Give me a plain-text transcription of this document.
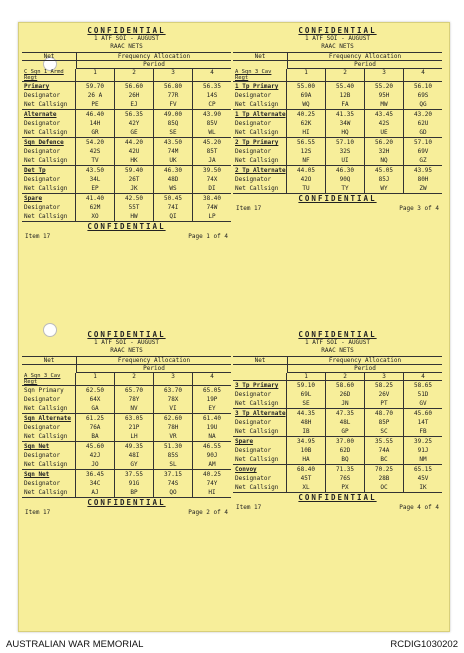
CONFIDENTIAL
1 ATF SOI - AUGUST
RAAC NETS
Net	Frequency Allocation
Period
C Sqn 1 Armd Regt
1	2	3	4
Primary	59.70	56.60	56.80	56.35
Designator	26 A	26H	77R	14S
Net Callsign	PE	EJ	FV	CP
Alternate	46.40	56.35	49.00	43.90
Designator	14H	42Y	85Q	85V
Net Callsign	GR	GE	SE	WL
Sqn Defence	54.20	44.20	43.50	45.20
Designator	42S	42U	74M	85T
Net Callsign	TV	HK	UK	JA
Det Tp	43.50	59.40	46.30	39.50
Designator	34L	26T	48D	74X
Net Callsign	EP	JK	WS	DI
Spare	41.40	42.50	50.45	38.40
Designator	62M	55T	74I	74W
Net Callsign	XO	HW	QI	LP
CONFIDENTIAL
Item 17	Page 1 of 4
CONFIDENTIAL
1 ATF SOI - AUGUST
RAAC NETS
Net	Frequency Allocation
Period
A Sqn 3 Cav Regt
1	2	3	4
1 Tp Primary	55.00	55.40	55.20	56.10
Designator	69A	12B	95H	69S
Net Callsign	WQ	FA	MW	QG
1 Tp Alternate	40.25	41.35	43.45	43.20
Designator	62K	34W	42S	62U
Net Callsign	HI	HQ	UE	GD
2 Tp Primary	56.55	57.10	56.20	57.10
Designator	12S	32S	32H	69V
Net Callsign	NF	UI	NQ	GZ
2 Tp Alternate	44.05	46.30	45.05	43.95
Designator	42O	90Q	85J	80H
Net Callsign	TU	TY	WY	ZW
CONFIDENTIAL
Item 17	Page 3 of 4
CONFIDENTIAL
1 ATF SOI - AUGUST
RAAC NETS
Net	Frequency Allocation
Period
A Sqn 3 Cav Regt
1	2	3	4
Sqn Primary	62.50	65.70	63.70	65.05
Designator	64X	78Y	78X	19P
Net Callsign	GA	NV	VI	EY
Sqn Alternate	61.25	63.05	62.60	61.40
Designator	76A	21P	78H	19U
Net Callsign	BA	LH	VR	NA
Sqn Net	45.60	49.35	51.30	46.55
Designator	42J	48I	85S	90J
Net Callsign	JO	GY	SL	AM
Sqn Net	36.45	37.55	37.15	40.25
Designator	34C	91G	74S	74Y
Net Callsign	AJ	BP	QO	HI
CONFIDENTIAL
Item 17	Page 2 of 4
CONFIDENTIAL
1 ATF SOI - AUGUST
RAAC NETS
Net	Frequency Allocation
Period
1	2	3	4
3 Tp Primary	59.10	58.60	58.25	58.65
Designator	69L	26D	26V	51D
Net Callsign	SE	JN	PT	GV
3 Tp Alternate	44.35	47.35	48.70	45.60
Designator	48H	48L	85P	14T
Net Callsign	IB	GP	SC	FB
Spare	34.95	37.00	35.55	39.25
Designator	10B	62D	74A	91J
Net Callsign	HA	BQ	BC	NM
Convoy	68.40	71.35	70.25	65.15
Designator	45T	76S	28B	45V
Net Callsign	XL	PX	OC	IK
CONFIDENTIAL
Item 17	Page 4 of 4
AUSTRALIAN WAR MEMORIAL	RCDIG1030202
